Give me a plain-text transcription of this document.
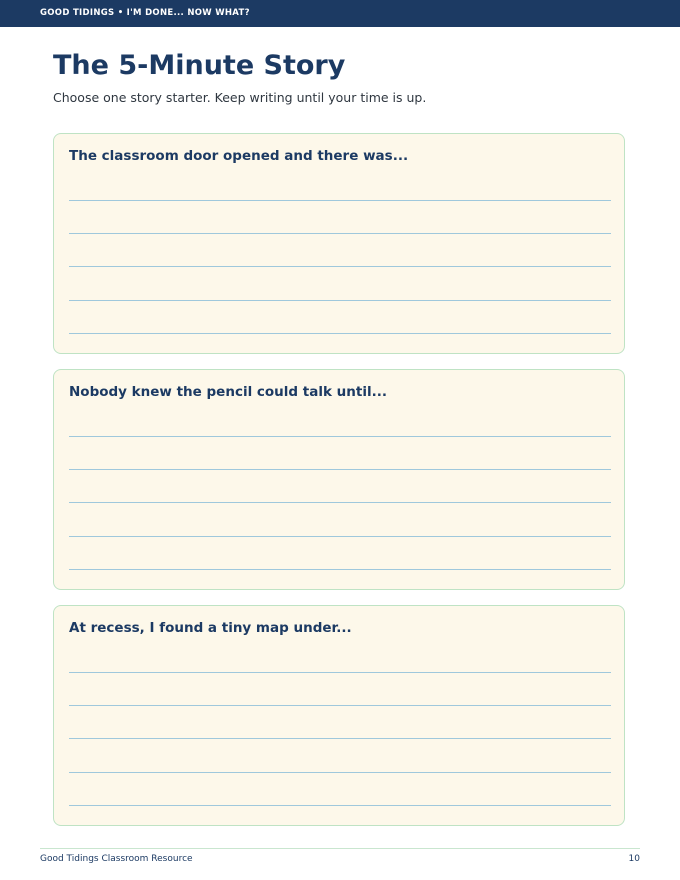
GOOD TIDINGS • I'M DONE... NOW WHAT?
The 5-Minute Story
Choose one story starter. Keep writing until your time is up.
The classroom door opened and there was...
Nobody knew the pencil could talk until...
At recess, I found a tiny map under...
Good Tidings Classroom Resource	10
